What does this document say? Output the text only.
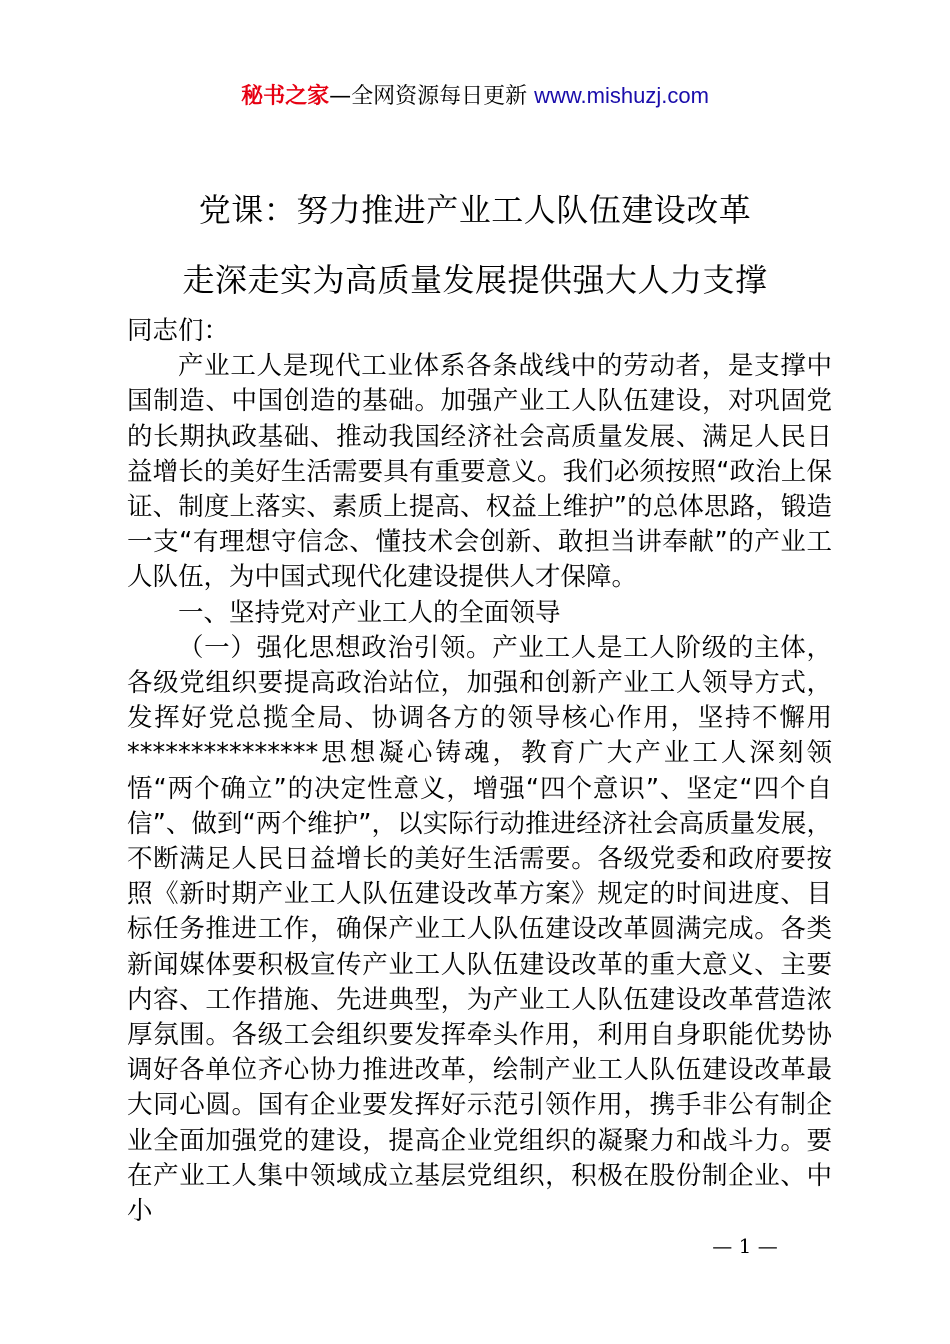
秘书之家—全网资源每日更新 www.mishuzj.com
党课：努力推进产业工人队伍建设改革
走深走实为高质量发展提供强大人力支撑

同志们：

产业工人是现代工业体系各条战线中的劳动者，是支撑中国制造、中国创造的基础。加强产业工人队伍建设，对巩固党的长期执政基础、推动我国经济社会高质量发展、满足人民日益增长的美好生活需要具有重要意义。我们必须按照“政治上保证、制度上落实、素质上提高、权益上维护”的总体思路，锻造一支“有理想守信念、懂技术会创新、敢担当讲奉献”的产业工人队伍，为中国式现代化建设提供人才保障。

一、坚持党对产业工人的全面领导

（一）强化思想政治引领。产业工人是工人阶级的主体，各级党组织要提高政治站位，加强和创新产业工人领导方式，发挥好党总揽全局、协调各方的领导核心作用，坚持不懈用***************思想凝心铸魂，教育广大产业工人深刻领悟“两个确立”的决定性意义，增强“四个意识”、坚定“四个自信”、做到“两个维护”，以实际行动推进经济社会高质量发展，不断满足人民日益增长的美好生活需要。各级党委和政府要按照《新时期产业工人队伍建设改革方案》规定的时间进度、目标任务推进工作，确保产业工人队伍建设改革圆满完成。各类新闻媒体要积极宣传产业工人队伍建设改革的重大意义、主要内容、工作措施、先进典型，为产业工人队伍建设改革营造浓厚氛围。各级工会组织要发挥牵头作用，利用自身职能优势协调好各单位齐心协力推进改革，绘制产业工人队伍建设改革最大同心圆。国有企业要发挥好示范引领作用，携手非公有制企业全面加强党的建设，提高企业党组织的凝聚力和战斗力。要在产业工人集中领域成立基层党组织，积极在股份制企业、中小

— 1 —
